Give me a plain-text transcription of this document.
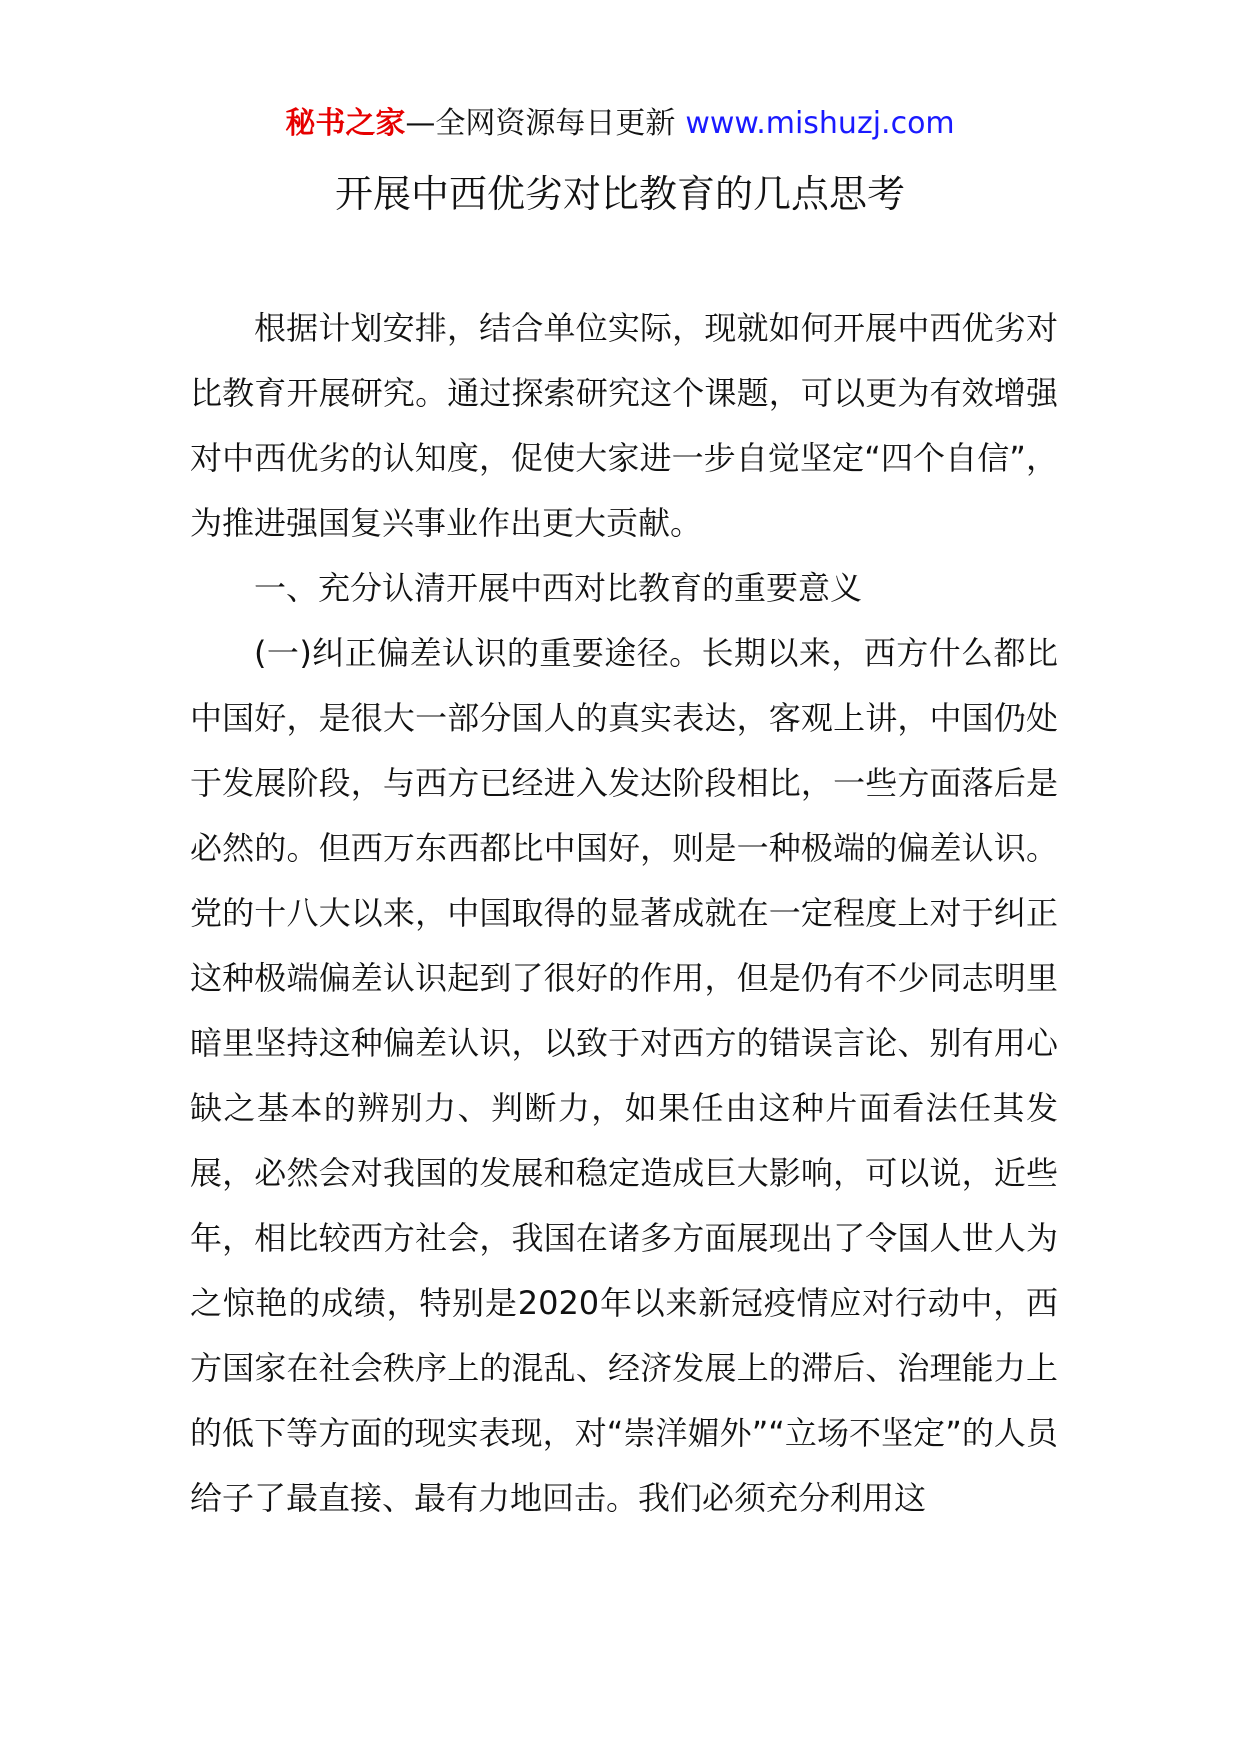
秘书之家—全网资源每日更新 www.mishuzj.com
开展中西优劣对比教育的几点思考

根据计划安排，结合单位实际，现就如何开展中西优劣对比教育开展研究。通过探索研究这个课题，可以更为有效增强对中西优劣的认知度，促使大家进一步自觉坚定“四个自信”，为推进强国复兴事业作出更大贡献。

一、充分认清开展中西对比教育的重要意义

(一)纠正偏差认识的重要途径。长期以来，西方什么都比中国好，是很大一部分国人的真实表达，客观上讲，中国仍处于发展阶段，与西方已经进入发达阶段相比，一些方面落后是必然的。但西万东西都比中国好，则是一种极端的偏差认识。党的十八大以来，中国取得的显著成就在一定程度上对于纠正这种极端偏差认识起到了很好的作用，但是仍有不少同志明里暗里坚持这种偏差认识，以致于对西方的错误言论、别有用心缺之基本的辨别力、判断力，如果任由这种片面看法任其发展，必然会对我国的发展和稳定造成巨大影响，可以说，近些年，相比较西方社会，我国在诸多方面展现出了令国人世人为之惊艳的成绩，特别是2020年以来新冠疫情应对行动中，西方国家在社会秩序上的混乱、经济发展上的滞后、治理能力上的低下等方面的现实表现，对“崇洋媚外”“立场不坚定”的人员给子了最直接、最有力地回击。我们必须充分利用这
